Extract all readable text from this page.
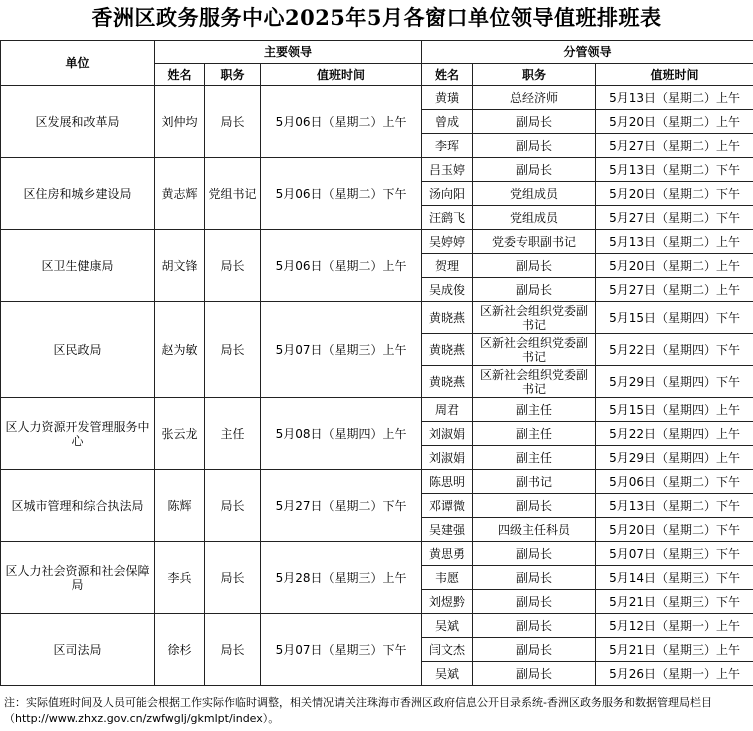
香洲区政务服务中心2025年5月各窗口单位领导值班排班表
单位	主要领导			分管领导		
	姓名	职务	值班时间	姓名	职务	值班时间
区发展和改革局	刘仲均	局长	5月06日（星期二）上午	黄璜	总经济师	5月13日（星期二）上午
				曾成	副局长	5月20日（星期二）上午
				李珲	副局长	5月27日（星期二）上午
区住房和城乡建设局	黄志辉	党组书记	5月06日（星期二）下午	吕玉婷	副局长	5月13日（星期二）下午
				汤向阳	党组成员	5月20日（星期二）下午
				汪鹞飞	党组成员	5月27日（星期二）下午
区卫生健康局	胡文锋	局长	5月06日（星期二）上午	吴婷婷	党委专职副书记	5月13日（星期二）上午
				贺理	副局长	5月20日（星期二）上午
				吴成俊	副局长	5月27日（星期二）上午
区民政局	赵为敏	局长	5月07日（星期三）上午	黄晓燕	区新社会组织党委副书记	5月15日（星期四）下午
				黄晓燕	区新社会组织党委副书记	5月22日（星期四）下午
				黄晓燕	区新社会组织党委副书记	5月29日（星期四）下午
区人力资源开发管理服务中心	张云龙	主任	5月08日（星期四）上午	周君	副主任	5月15日（星期四）上午
				刘淑娟	副主任	5月22日（星期四）上午
				刘淑娟	副主任	5月29日（星期四）上午
区城市管理和综合执法局	陈辉	局长	5月27日（星期二）下午	陈思明	副书记	5月06日（星期二）下午
				邓谭微	副局长	5月13日（星期二）下午
				吴建强	四级主任科员	5月20日（星期二）下午
区人力社会资源和社会保障局	李兵	局长	5月28日（星期三）上午	黄思勇	副局长	5月07日（星期三）下午
				韦愿	副局长	5月14日（星期三）下午
				刘煜黔	副局长	5月21日（星期三）下午
区司法局	徐杉	局长	5月07日（星期三）下午	吴斌	副局长	5月12日（星期一）上午
				闫文杰	副局长	5月21日（星期三）上午
				吴斌	副局长	5月26日（星期一）上午
注：实际值班时间及人员可能会根据工作实际作临时调整，相关情况请关注珠海市香洲区政府信息公开目录系统-香洲区政务服务和数据管理局栏目（http://www.zhxz.gov.cn/zwfwglj/gkmlpt/index）。
